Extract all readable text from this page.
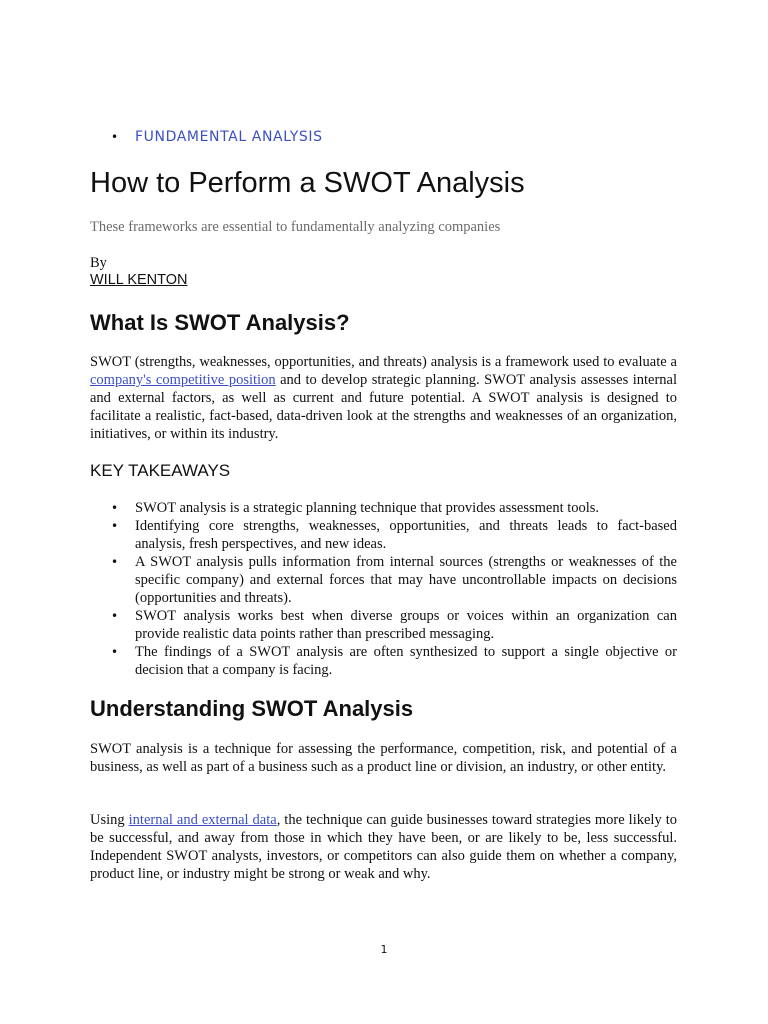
• FUNDAMENTAL ANALYSIS
How to Perform a SWOT Analysis

These frameworks are essential to fundamentally analyzing companies

By
WILL KENTON
What Is SWOT Analysis?

SWOT (strengths, weaknesses, opportunities, and threats) analysis is a framework used to evaluate a company's competitive position and to develop strategic planning. SWOT analysis assesses internal and external factors, as well as current and future potential. A SWOT analysis is designed to facilitate a realistic, fact-based, data-driven look at the strengths and weaknesses of an organization, initiatives, or within its industry.

KEY TAKEAWAYS
• SWOT analysis is a strategic planning technique that provides assessment tools.
• Identifying core strengths, weaknesses, opportunities, and threats leads to fact-based analysis, fresh perspectives, and new ideas.
• A SWOT analysis pulls information from internal sources (strengths or weaknesses of the specific company) and external forces that may have uncontrollable impacts on decisions (opportunities and threats).
• SWOT analysis works best when diverse groups or voices within an organization can provide realistic data points rather than prescribed messaging.
• The findings of a SWOT analysis are often synthesized to support a single objective or decision that a company is facing.
Understanding SWOT Analysis

SWOT analysis is a technique for assessing the performance, competition, risk, and potential of a business, as well as part of a business such as a product line or division, an industry, or other entity.

Using internal and external data, the technique can guide businesses toward strategies more likely to be successful, and away from those in which they have been, or are likely to be, less successful. Independent SWOT analysts, investors, or competitors can also guide them on whether a company, product line, or industry might be strong or weak and why.

1
